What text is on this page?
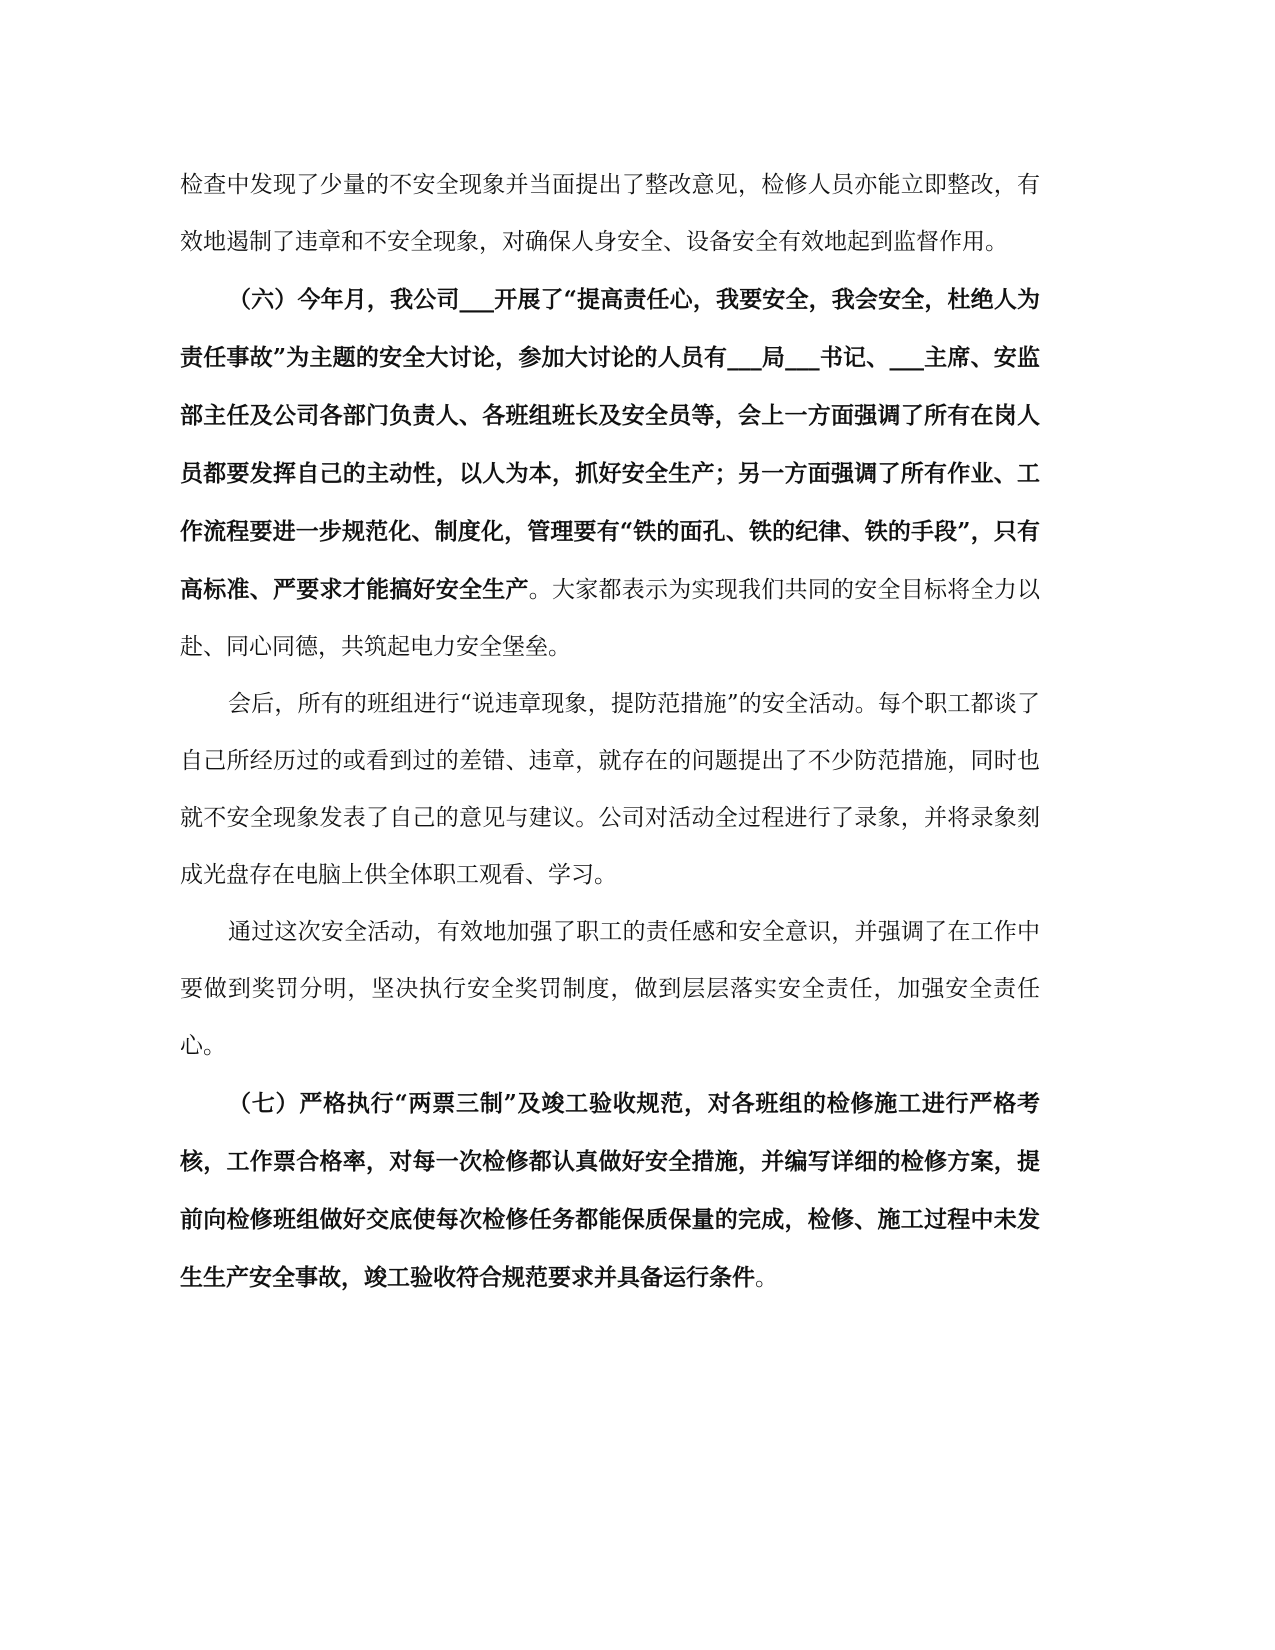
检查中发现了少量的不安全现象并当面提出了整改意见，检修人员亦能立即整改，有效地遏制了违章和不安全现象，对确保人身安全、设备安全有效地起到监督作用。

（六）今年月，我公司___开展了“提高责任心，我要安全，我会安全，杜绝人为责任事故”为主题的安全大讨论，参加大讨论的人员有___局___书记、___主席、安监部主任及公司各部门负责人、各班组班长及安全员等，会上一方面强调了所有在岗人员都要发挥自己的主动性，以人为本，抓好安全生产；另一方面强调了所有作业、工作流程要进一步规范化、制度化，管理要有“铁的面孔、铁的纪律、铁的手段”，只有高标准、严要求才能搞好安全生产。大家都表示为实现我们共同的安全目标将全力以赴、同心同德，共筑起电力安全堡垒。

会后，所有的班组进行“说违章现象，提防范措施”的安全活动。每个职工都谈了自己所经历过的或看到过的差错、违章，就存在的问题提出了不少防范措施，同时也就不安全现象发表了自己的意见与建议。公司对活动全过程进行了录象，并将录象刻成光盘存在电脑上供全体职工观看、学习。

通过这次安全活动，有效地加强了职工的责任感和安全意识，并强调了在工作中要做到奖罚分明，坚决执行安全奖罚制度，做到层层落实安全责任，加强安全责任心。

（七）严格执行“两票三制”及竣工验收规范，对各班组的检修施工进行严格考核，工作票合格率，对每一次检修都认真做好安全措施，并编写详细的检修方案，提前向检修班组做好交底使每次检修任务都能保质保量的完成，检修、施工过程中未发生生产安全事故，竣工验收符合规范要求并具备运行条件。
